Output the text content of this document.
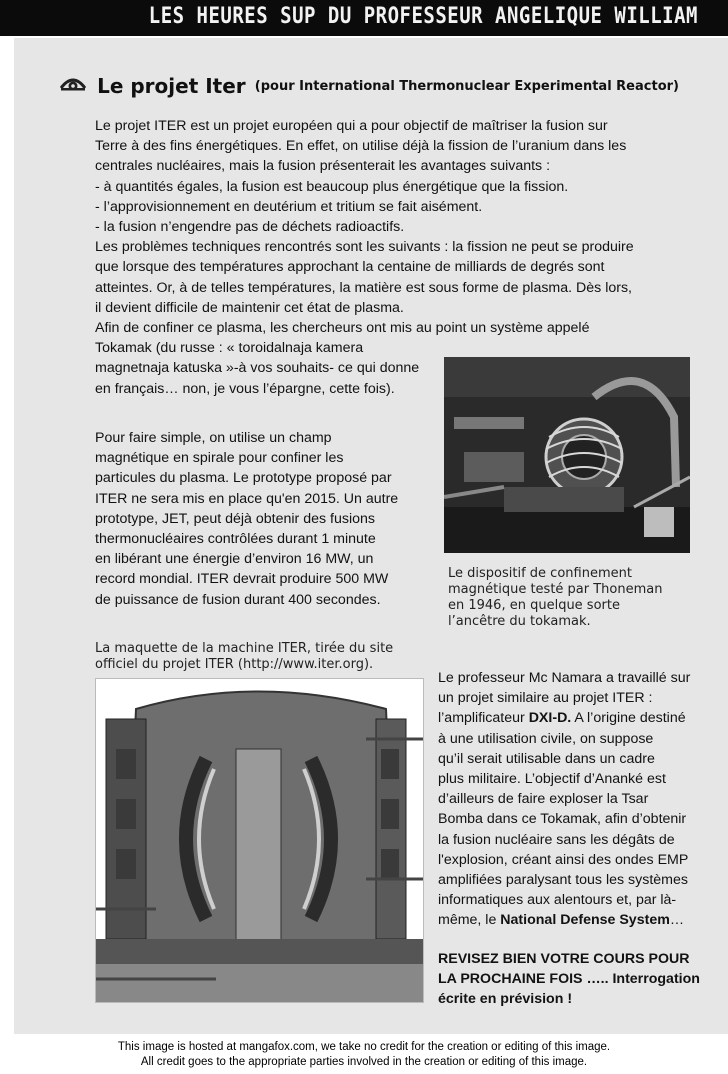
LES HEURES SUP DU PROFESSEUR ANGELIQUE WILLIAM
Le projet Iter (pour International Thermonuclear Experimental Reactor)

Le projet ITER est un projet européen qui a pour objectif de maîtriser la fusion sur
Terre à des fins énergétiques. En effet, on utilise déjà la fission de l’uranium dans les
centrales nucléaires, mais la fusion présenterait les avantages suivants :
- à quantités égales, la fusion est beaucoup plus énergétique que la fission.
- l’approvisionnement en deutérium et tritium se fait aisément.
- la fusion n’engendre pas de déchets radioactifs.
Les problèmes techniques rencontrés sont les suivants : la fission ne peut se produire
que lorsque des températures approchant la centaine de milliards de degrés sont
atteintes. Or, à de telles températures, la matière est sous forme de plasma. Dès lors,
il devient difficile de maintenir cet état de plasma.
Afin de confiner ce plasma, les chercheurs ont mis au point un système appelé
Tokamak (du russe : « toroidalnaja kamera
magnetnaja katuska »-à vos souhaits- ce qui donne
en français… non, je vous l’épargne, cette fois).

Pour faire simple, on utilise un champ
magnétique en spirale pour confiner les
particules du plasma. Le prototype proposé par
ITER ne sera mis en place qu'en 2015. Un autre
prototype, JET, peut déjà obtenir des fusions
thermonucléaires contrôlées durant 1 minute
en libérant une énergie d’environ 16 MW, un
record mondial. ITER devrait produire 500 MW
de puissance de fusion durant 400 secondes.

Le dispositif de confinement
magnétique testé par Thoneman
en 1946, en quelque sorte
l’ancêtre du tokamak.

La maquette de la machine ITER, tirée du site
officiel du projet ITER (http://www.iter.org).

Le professeur Mc Namara a travaillé sur
un projet similaire au projet ITER :
l’amplificateur DXI-D. A l’origine destiné
à une utilisation civile, on suppose
qu’il serait utilisable dans un cadre
plus militaire. L’objectif d’Ananké est
d’ailleurs de faire exploser la Tsar
Bomba dans ce Tokamak, afin d’obtenir
la fusion nucléaire sans les dégâts de
l'explosion, créant ainsi des ondes EMP
amplifiées paralysant tous les systèmes
informatiques aux alentours et, par là-
même, le National Defense System…

REVISEZ BIEN VOTRE COURS POUR
LA PROCHAINE FOIS ….. Interrogation
écrite en prévision !

This image is hosted at mangafox.com, we take no credit for the creation or editing of this image.
All credit goes to the appropriate parties involved in the creation or editing of this image.
